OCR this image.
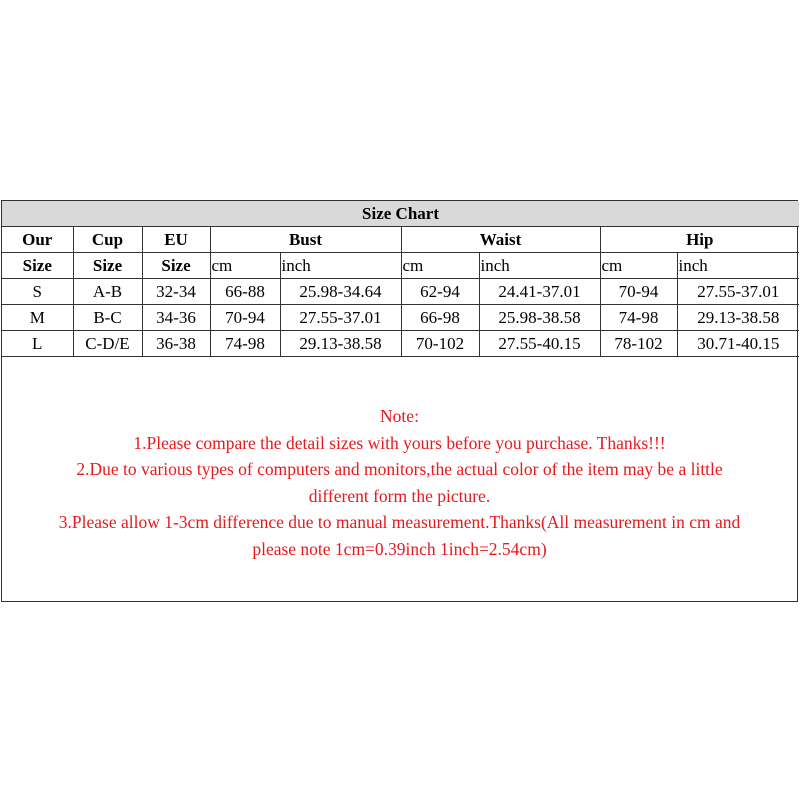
Size Chart								
Our	Cup	EU	Bust		Waist		Hip	
Size	Size	Size	cm	inch	cm	inch	cm	inch
S	A-B	32-34	66-88	25.98-34.64	62-94	24.41-37.01	70-94	27.55-37.01
M	B-C	34-36	70-94	27.55-37.01	66-98	25.98-38.58	74-98	29.13-38.58
L	C-D/E	36-38	74-98	29.13-38.58	70-102	27.55-40.15	78-102	30.71-40.15
Note:
1.Please compare the detail sizes with yours before you purchase. Thanks!!!
2.Due to various types of computers and monitors,the actual color of the item may be a little
different form the picture.
3.Please allow 1-3cm difference due to manual measurement.Thanks(All measurement in cm and
please note 1cm=0.39inch 1inch=2.54cm)
